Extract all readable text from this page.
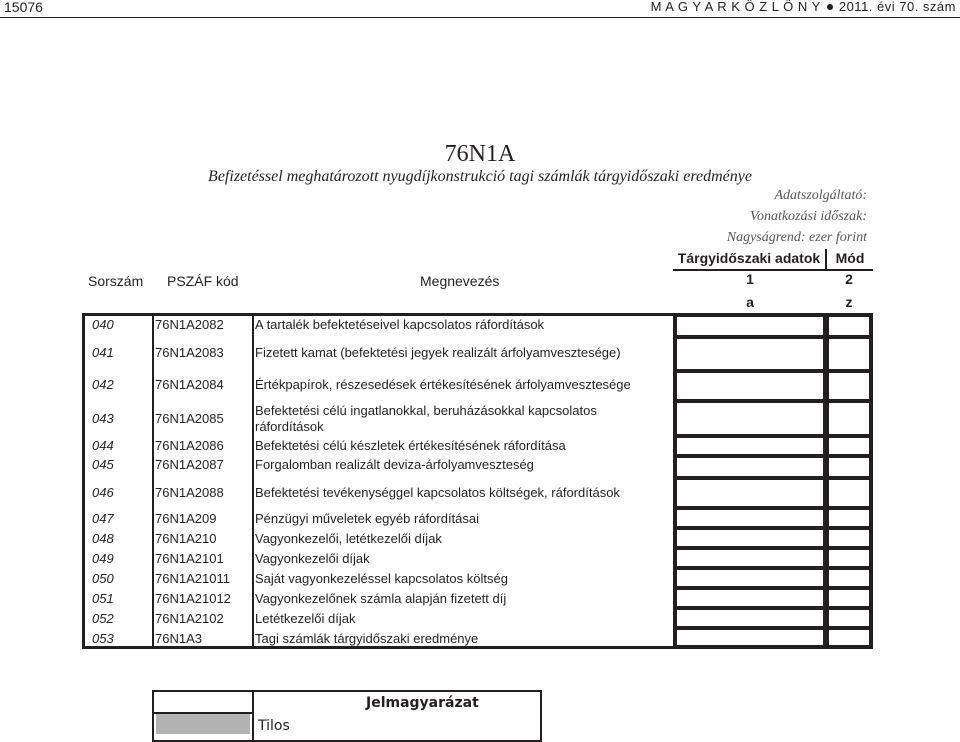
15076	M A G Y A R K Ö Z L Ö N Y 2011. évi 70. szám
76N1A
Befizetéssel meghatározott nyugdíjkonstrukció tagi számlák tárgyidőszaki eredménye
Adatszolgáltató:
Vonatkozási időszak:
Nagyságrend: ezer forint
Tárgyidőszaki adatok	Mód
1	2
a	z
Sorszám PSZÁF kód	Megnevezés
040	76N1A2082 A tartalék befektetéseivel kapcsolatos ráfordítások
041	76N1A2083 Fizetett kamat (befektetési jegyek realizált árfolyamvesztesége)
042	76N1A2084 Értékpapírok, részesedések értékesítésének árfolyamvesztesége
043	76N1A2085
Befektetési célú ingatlanokkal, beruházásokkal kapcsolatos ráfordítások
044	76N1A2086 Befektetési célú készletek értékesítésének ráfordítása
045	76N1A2087 Forgalomban realizált deviza-árfolyamveszteség
046	76N1A2088 Befektetési tevékenységgel kapcsolatos költségek, ráfordítások
047	76N1A209	Pénzügyi műveletek egyéb ráfordításai
048	76N1A210	Vagyonkezelői, letétkezelői díjak
049	76N1A2101 Vagyonkezelői díjak
050	76N1A21011 Saját vagyonkezeléssel kapcsolatos költség
051	76N1A21012 Vagyonkezelőnek számla alapján fizetett díj
052	76N1A2102 Letétkezelői díjak
053	76N1A3	Tagi számlák tárgyidőszaki eredménye
Jelmagyarázat
Tilos
